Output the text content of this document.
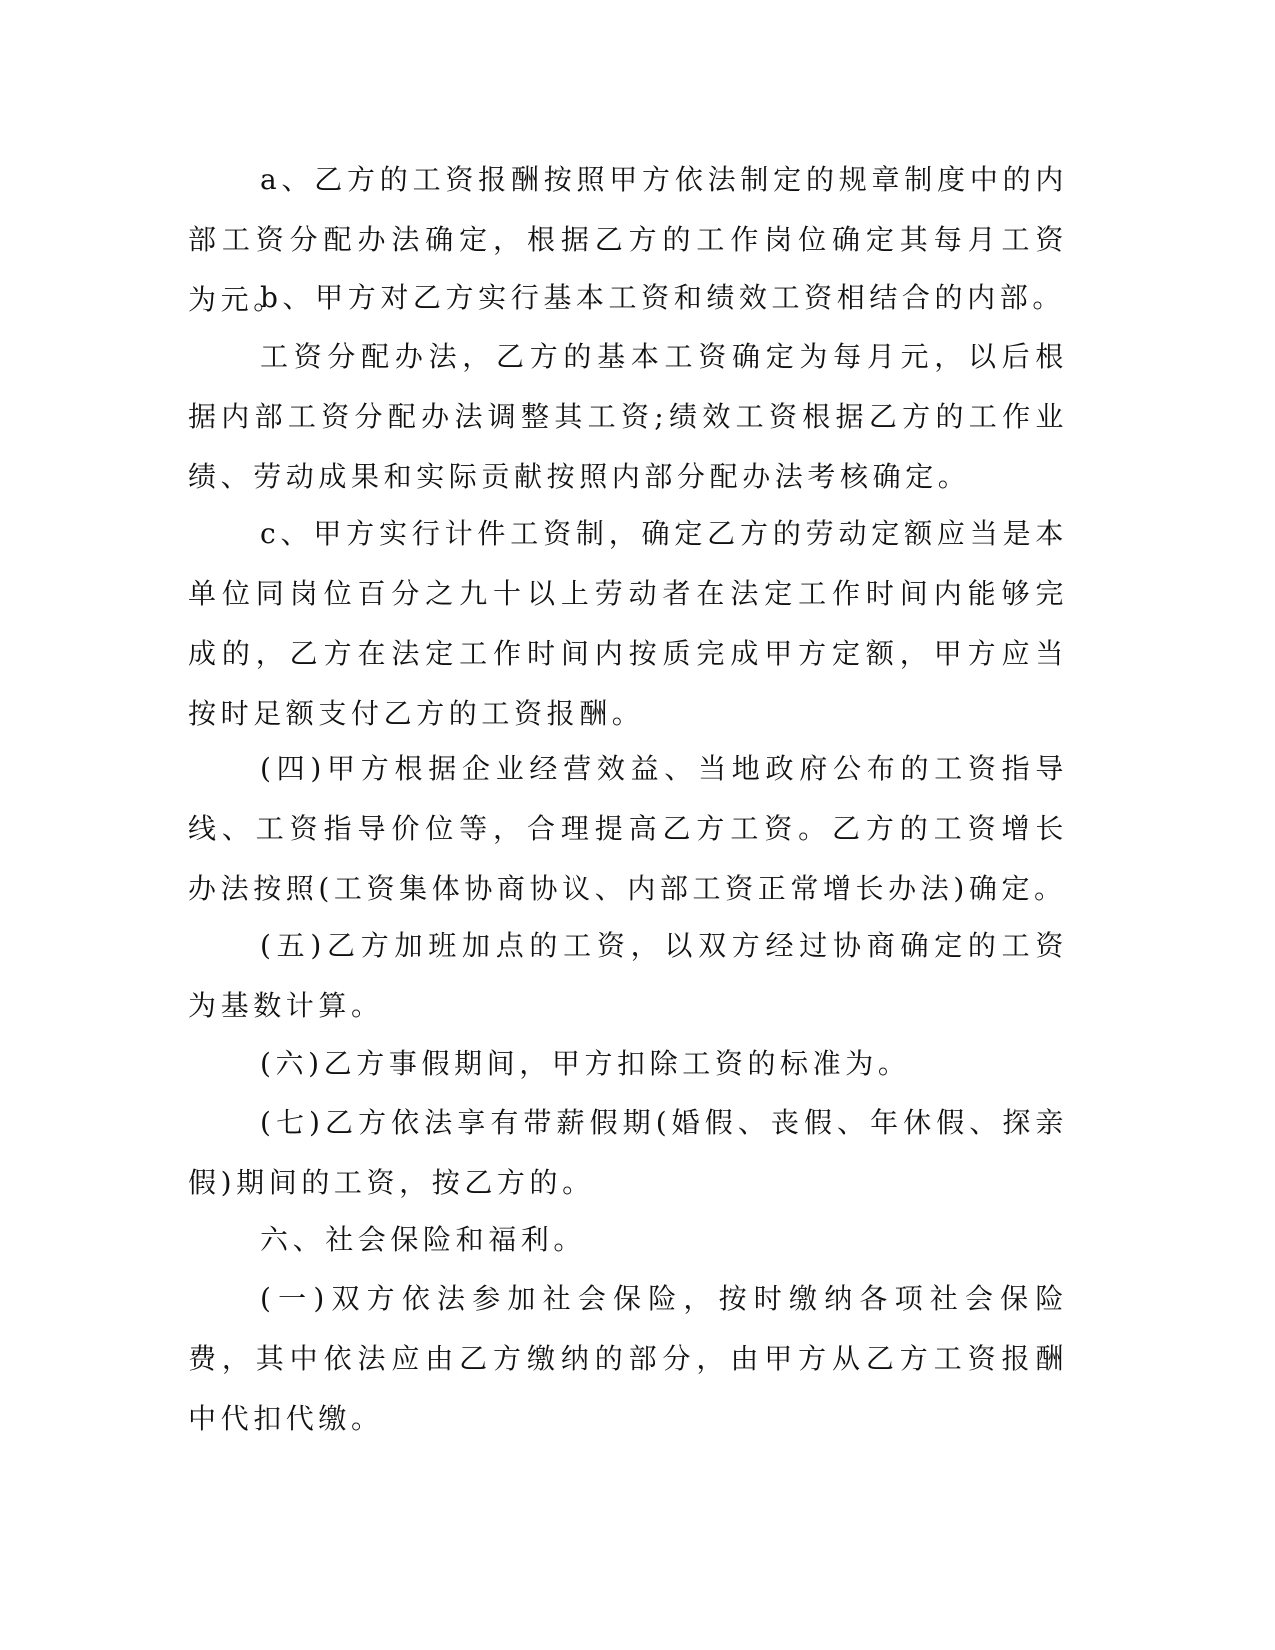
a、乙方的工资报酬按照甲方依法制定的规章制度中的内部工资分配办法确定，根据乙方的工作岗位确定其每月工资为元。

b、甲方对乙方实行基本工资和绩效工资相结合的内部。

工资分配办法，乙方的基本工资确定为每月元，以后根据内部工资分配办法调整其工资;绩效工资根据乙方的工作业绩、劳动成果和实际贡献按照内部分配办法考核确定。

c、甲方实行计件工资制，确定乙方的劳动定额应当是本单位同岗位百分之九十以上劳动者在法定工作时间内能够完成的，乙方在法定工作时间内按质完成甲方定额，甲方应当按时足额支付乙方的工资报酬。

(四)甲方根据企业经营效益、当地政府公布的工资指导线、工资指导价位等，合理提高乙方工资。乙方的工资增长办法按照(工资集体协商协议、内部工资正常增长办法)确定。

(五)乙方加班加点的工资，以双方经过协商确定的工资为基数计算。

(六)乙方事假期间，甲方扣除工资的标准为。

(七)乙方依法享有带薪假期(婚假、丧假、年休假、探亲假)期间的工资，按乙方的。

六、社会保险和福利。

(一)双方依法参加社会保险，按时缴纳各项社会保险费，其中依法应由乙方缴纳的部分，由甲方从乙方工资报酬中代扣代缴。
